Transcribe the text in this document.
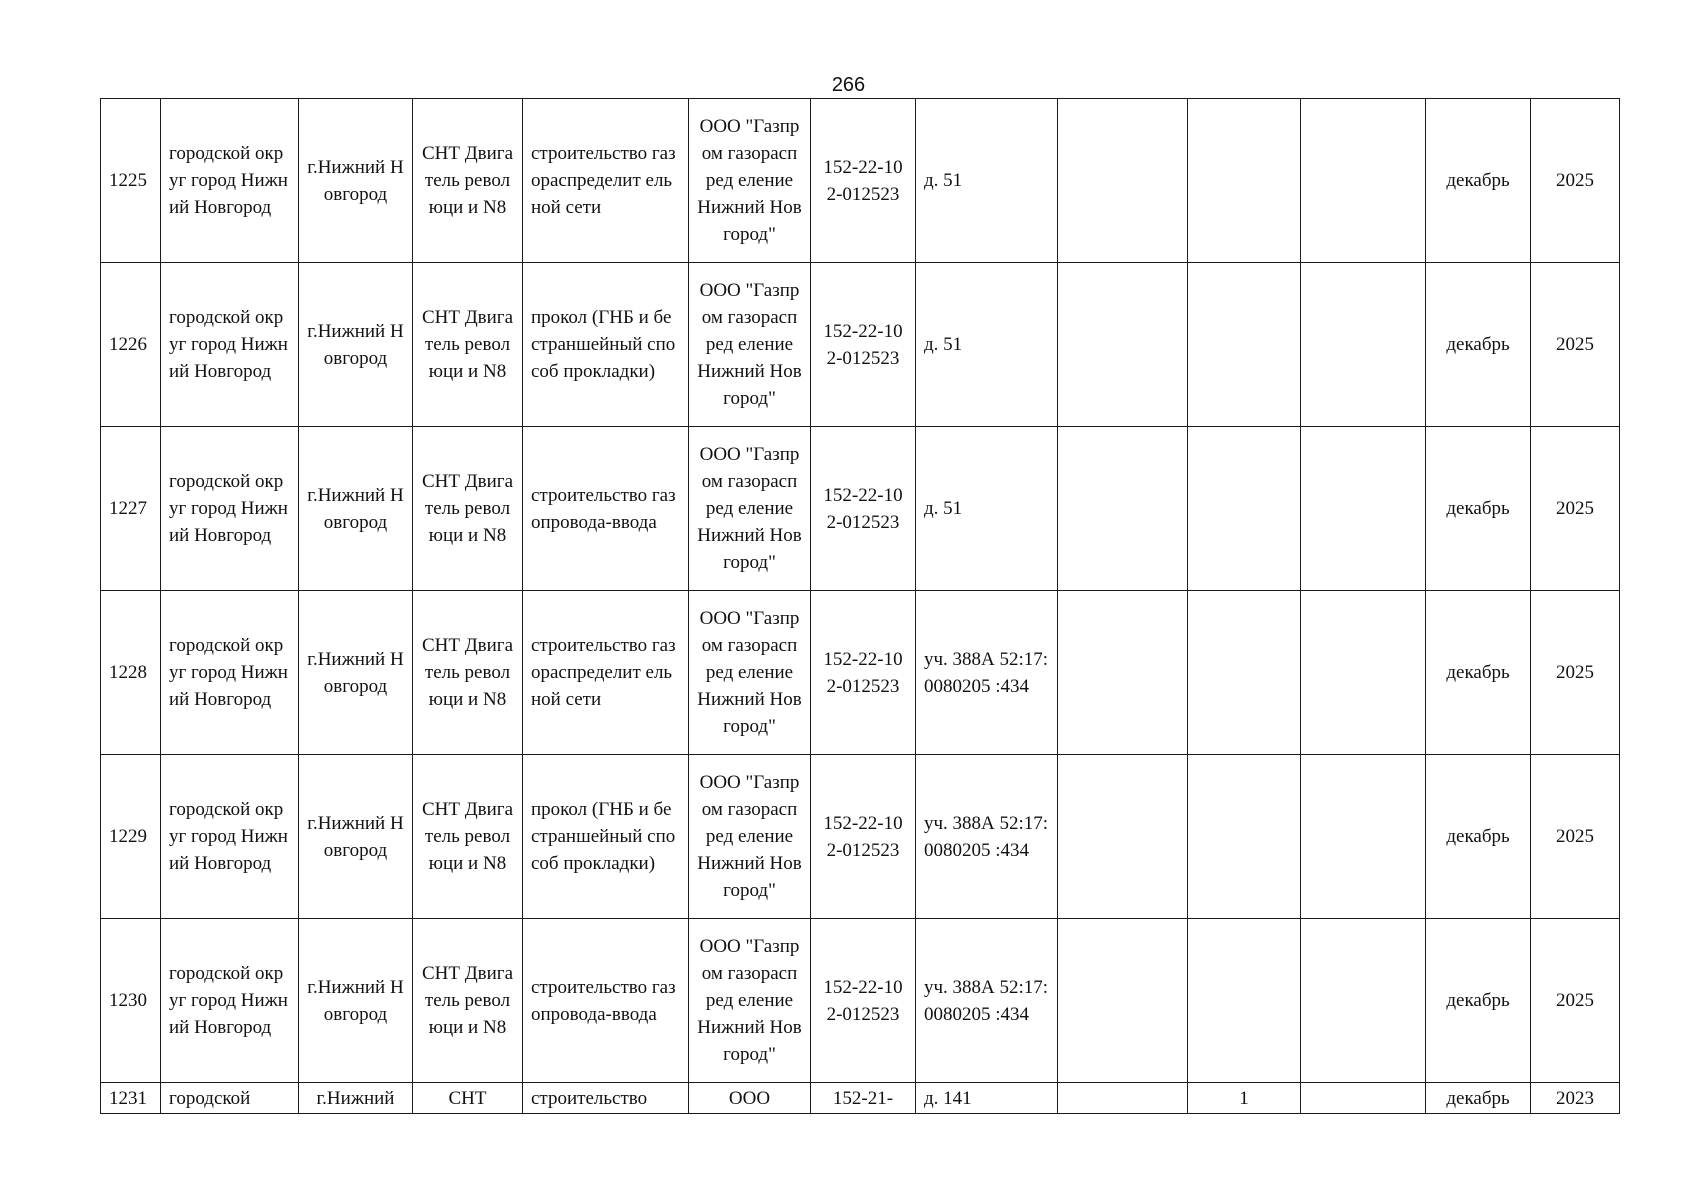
266
1225	городской округ город Нижний Новгород	г.Нижний Новгород	СНТ Двигатель революци и N8	строительство газораспределит ельной сети	ООО "Газпром газораспред еление Нижний Новгород"	152-22-102-012523	д. 51				декабрь	2025
1226	городской округ город Нижний Новгород	г.Нижний Новгород	СНТ Двигатель революци и N8	прокол (ГНБ и бестраншейный способ прокладки)	ООО "Газпром газораспред еление Нижний Новгород"	152-22-102-012523	д. 51				декабрь	2025
1227	городской округ город Нижний Новгород	г.Нижний Новгород	СНТ Двигатель революци и N8	строительство газопровода-ввода	ООО "Газпром газораспред еление Нижний Новгород"	152-22-102-012523	д. 51				декабрь	2025
1228	городской округ город Нижний Новгород	г.Нижний Новгород	СНТ Двигатель революци и N8	строительство газораспределит ельной сети	ООО "Газпром газораспред еление Нижний Новгород"	152-22-102-012523	уч. 388А 52:17:0080205 :434				декабрь	2025
1229	городской округ город Нижний Новгород	г.Нижний Новгород	СНТ Двигатель революци и N8	прокол (ГНБ и бестраншейный способ прокладки)	ООО "Газпром газораспред еление Нижний Новгород"	152-22-102-012523	уч. 388А 52:17:0080205 :434				декабрь	2025
1230	городской округ город Нижний Новгород	г.Нижний Новгород	СНТ Двигатель революци и N8	строительство газопровода-ввода	ООО "Газпром газораспред еление Нижний Новгород"	152-22-102-012523	уч. 388А 52:17:0080205 :434				декабрь	2025
1231	городской	г.Нижний	СНТ	строительство	ООО	152-21-	д. 141		1		декабрь	2023
